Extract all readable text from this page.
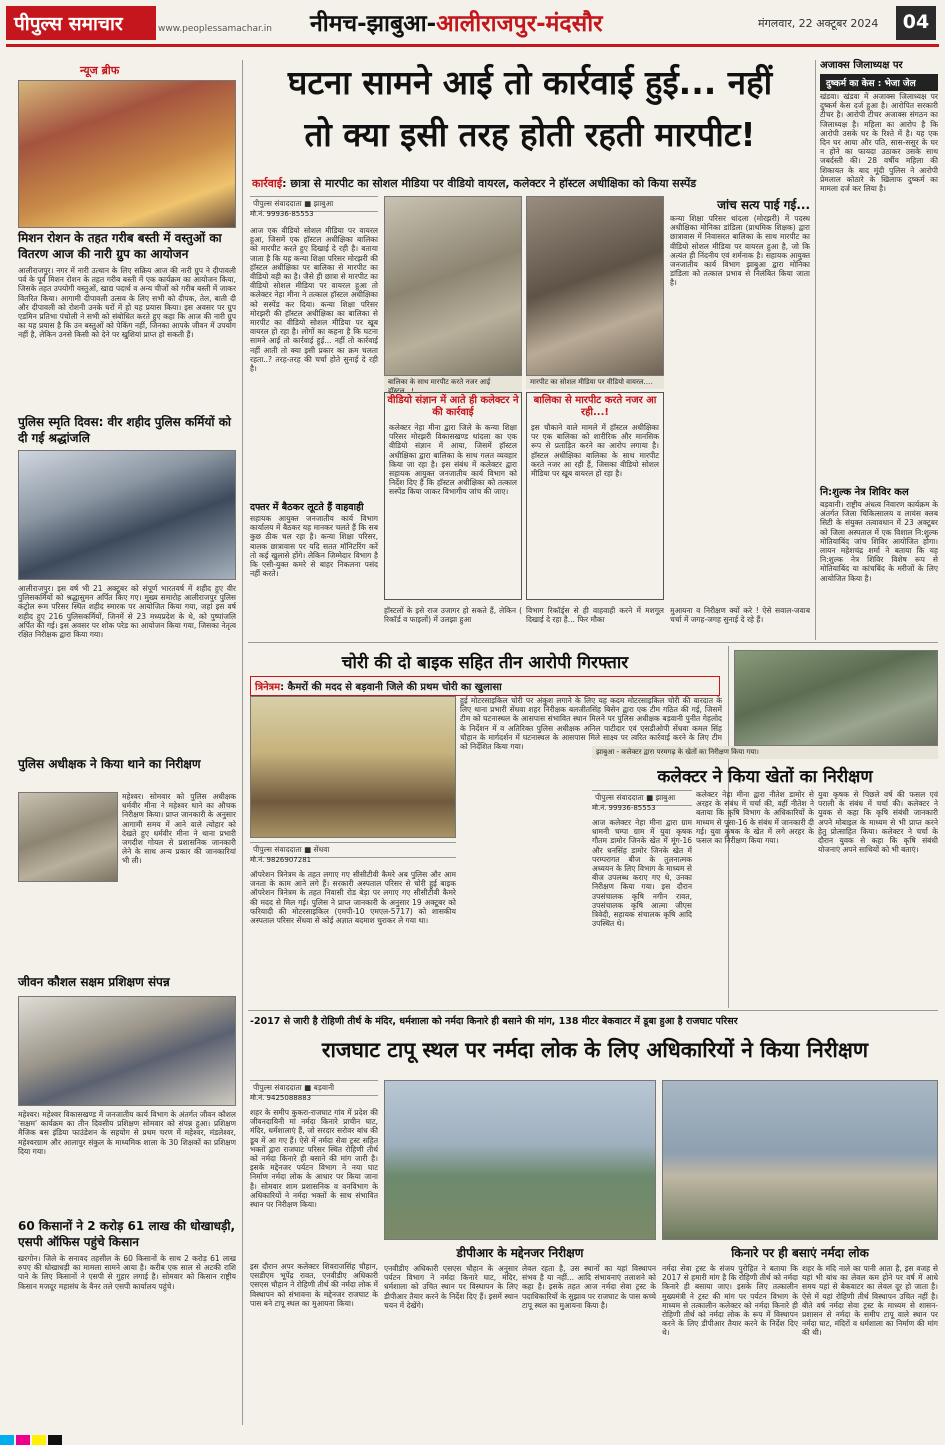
पीपुल्स समाचार	www.peoplessamachar.in नीमच-झाबुआ-आलीराजपुर-मंदसौर	मंगलवार, 22 अक्टूबर 2024	04
न्यूज ब्रीफ
मिशन रोशन के तहत गरीब बस्ती में वस्तुओं का वितरण आज की नारी ग्रुप का आयोजन
आलीराजपुर। नगर में नारी उत्थान के लिए सक्रिय आज की नारी ग्रुप ने दीपावली पर्व के पूर्व मिशन रोशन के तहत गरीब बस्ती में एक कार्यक्रम का आयोजन किया, जिसके तहत उपयोगी वस्तुओं, खाद्य पदार्थ व अन्य चीजों को गरीब बस्ती में जाकर वितरित किया। आगामी दीपावली उत्सव के लिए सभी को दीपक, तेल, बाती दी और दीपावली को रोशनी उनके घरों में हो यह प्रयास किया। इस अवसर पर ग्रुप एडमिन प्रतिभा पंचोली ने सभी को संबोधित करते हुए कहा कि आज की नारी ग्रुप का यह प्रयास है कि उन बस्तुओं को पेकिंग नहीं, जिनका आपके जीवन में उपयोग नहीं है, लेकिन उनसे किसी को देने पर खुशियां प्राप्त हो सकती हैं।
पुलिस स्मृति दिवस: वीर शहीद पुलिस कर्मियों को दी गई श्रद्धांजलि
आलीराजपुर। इस वर्ष भी 21 अक्टूबर को संपूर्ण भारतवर्ष में शहीद हुए वीर पुलिसकर्मियों को श्रद्धासुमन अर्पित किए गए। मुख्य समारोह आलीराजपुर पुलिस कंट्रोल रूम परिसर स्थित शहीद स्मारक पर आयोजित किया गया, जहां इस वर्ष शहीद हुए 216 पुलिसकर्मियों, जिनमें से 23 मध्यप्रदेश के थे, को पुष्पांजलि अर्पित की गई। इस अवसर पर शोक परेड का आयोजन किया गया, जिसका नेतृत्व रक्षित निरीक्षक द्वारा किया गया।
पुलिस अधीक्षक ने किया थाने का निरीक्षण
महेश्वर। सोमवार को पुलिस अधीक्षक धर्मवीर मीना ने महेश्वर थाने का औचक निरीक्षण किया। प्राप्त जानकारी के अनुसार आगामी समय में आने वाले त्योहार को देखते हुए धर्मवीर मीना ने थाना प्रभारी जगदीश गोयल से प्रशासनिक जानकारी लेने के साथ अन्य प्रकार की जानकारियां भी ली।
जीवन कौशल सक्षम प्रशिक्षण संपन्न
महेश्वर। महेश्वर विकासखण्ड में जनजातीय कार्य विभाग के अंतर्गत जीवन कौशल 'सक्षम' कार्यक्रम का तीन दिवसीय प्रशिक्षण सोमवार को संपन्न हुआ। प्रशिक्षण मैजिक बस इंडिया फाउंडेशन के सहयोग से प्रथम चरण में महेश्वर, मंडलेश्वर, महेश्वरग्राम और आलापुर संकुल के माध्यमिक शाला के 30 शिक्षकों का प्रशिक्षण दिया गया।
60 किसानों ने 2 करोड़ 61 लाख की धोखाधड़ी, एसपी ऑफिस पहुंचे किसान
खरगोन। जिले के सनावद तहसील के 60 किसानों के साथ 2 करोड़ 61 लाख रुपए की धोखाधड़ी का मामला सामने आया है। करीब एक साल से अटकी राशि पाने के लिए किसानों ने एसपी से गुहार लगाई है। सोमवार को किसान राष्ट्रीय किसान मजदूर महासंघ के बैनर तले एसपी कार्यालय पहुंचे।
घटना सामने आई तो कार्रवाई हुई... नहीं
तो क्या इसी तरह होती रहती मारपीट!
कार्रवाई: छात्रा से मारपीट का सोशल मीडिया पर वीडियो वायरल, कलेक्टर ने हॉस्टल अधीक्षिका को किया सस्पेंड
पीपुल्स संवाददाता ■ झाबुआ
मो.नं. 99936-85553
आज एक वीडियो सोशल मीडिया पर वायरल हुआ, जिसमें एक हॉस्टल अधीक्षिका बालिका को मारपीट करते हुए दिखाई दे रही है। बताया जाता है कि यह कन्या शिक्षा परिसर मोरझरी की हॉस्टल अधीक्षिका पर बालिका से मारपीट का वीडियो वही का है। जैसे ही छात्रा से मारपीट का वीडियो सोशल मीडिया पर वायरल हुआ तो कलेक्टर नेहा मीना ने तत्काल हॉस्टल अधीक्षिका को सस्पेंड कर दिया। कन्या शिक्षा परिसर मोरझरी की हॉस्टल अधीक्षिका का बालिका से मारपीट का वीडियो सोशल मीडिया पर खूब वायरल हो रहा है। लोगों का कहना है कि घटना सामने आई तो कार्रवाई हुई... नहीं तो कार्रवाई नहीं आती तो क्या इसी प्रकार का क्रम चलता रहता..? तरह-तरह की चर्चा होते सुनाई दे रही है।
दफ्तर में बैठकर लूटते हैं वाहवाही
सहायक आयुक्त जनजातीय कार्य विभाग कार्यालय में बैठकर यह मानकर चलते हैं कि सब कुछ ठीक चल रहा है। कन्या शिक्षा परिसर, बालक छात्रावास पर यदि सतत मॉनिटरिंग करें तो कई खुलासे होंगे। लेकिन जिम्मेदार विभाग है कि एसी-युक्त कमरे से बाहर निकलना पसंद नहीं करते।
बालिका के साथ मारपीट करते नजर आई हॉस्टल...!
मारपीट का सोशल मीडिया पर वीडियो वायरल....
वीडियो संज्ञान में आते ही कलेक्टर ने की कार्रवाई
कलेक्टर नेहा मीना द्वारा जिले के कन्या शिक्षा परिसर मोरझरी विकासखण्ड थांदला का एक वीडियो संज्ञान में आया, जिसमें हॉस्टल अधीक्षिका द्वारा बालिका के साथ गलत व्यवहार किया जा रहा है। इस संबंध में कलेक्टर द्वारा सहायक आयुक्त जनजातीय कार्य विभाग को निर्देश दिए हैं कि हॉस्टल अधीक्षिका को तत्काल सस्पेंड किया जाकर विभागीय जांच की जाए।
बालिका से मारपीट करते नजर आ रही...!
इस चौकाने वाले मामले में हॉस्टल अधीक्षिका पर एक बालिका को शारीरिक और मानसिक रूप से प्रताड़ित करने का आरोप लगाया है। हॉस्टल अधीक्षिका बालिका के साथ मारपीट करते नजर आ रही हैं, जिसका वीडियो सोशल मीडिया पर खूब वायरल हो रहा है।
जांच सत्य पाई गई...
कन्या शिक्षा परिसर थांदला (मोरझरी) में पदस्थ अधीक्षिका मोनिका डांडिला (प्राथमिक शिक्षक) द्वारा छात्रावास में निवासरत बालिका के साथ मारपीट का वीडियो सोशल मीडिया पर वायरल हुआ है, जो कि अत्यंत ही निंदनीय एवं शर्मनाक है। सहायक आयुक्त जनजातीय कार्य विभाग झाबुआ द्वारा मोनिका डांडिला को तत्काल प्रभाव से निलंबित किया जाता है।
हॉस्टलों के इसे राज उजागर हो सकते हैं, लेकिन ( रिकॉर्ड व फाइलों) में उलझा हुआ
विभाग रिकॉर्ड्स से ही वाहवाही करने में मशगूल दिखाई दे रहा है... फिर मौका
मुआयना व निरीक्षण क्यों करे ! ऐसे सवाल-जवाब चर्चा में जगह-जगह सुनाई दे रहे हैं।
अजाक्स जिलाध्यक्ष पर
दुष्कर्म का केस : भेजा जेल
खंडवा। खंडवा में अजाक्स जिलाध्यक्ष पर दुष्कर्म केस दर्ज हुआ है। आरोपित सरकारी टीचर है। आरोपी टीचर अजाक्स संगठन का जिलाध्यक्ष है। महिला का आरोप है कि आरोपी उसके घर के रिश्ते में है। यह एक दिन घर आया और पति, सास-ससुर के घर न होने का फायदा उठाकर उसके साथ जबर्दस्ती की। 28 वर्षीय महिला की शिकायत के बाद मूंदी पुलिस ने आरोपी प्रेमलाल कोठारे के खिलाफ दुष्कर्म का मामला दर्ज कर लिया है।
नि:शुल्क नेत्र शिविर कल
बड़वानी। राष्ट्रीय अंधत्व निवारण कार्यक्रम के अंतर्गत जिला चिकित्सालय व लायंस क्लब सिटी के संयुक्त तत्वावधान में 23 अक्टूबर को जिला अस्पताल में एक विशाल नि:शुल्क मोतियाबिंद जांच शिविर आयोजित होगा। लायन महेशचंद्र शर्मा ने बताया कि यह नि:शुल्क नेत्र शिविर विशेष रूप से मोतियाबिंद या कांचबिंद के मरीजों के लिए आयोजित किया है।
चोरी की दो बाइक सहित तीन आरोपी गिरफ्तार
त्रिनेत्रम: कैमरों की मदद से बड़वानी जिले की प्रथम चोरी का खुलासा
पीपुल्स संवाददाता ■ सेंधवा
मो.नं. 9826907281
ऑपरेशन त्रिनेत्रम के तहत लगाए गए सीसीटीवी कैमरे अब पुलिस और आम जनता के काम आने लगे हैं। सरकारी अस्पताल परिसर से चोरी हुई बाइक ऑपरेशन त्रिनेत्रम के तहत निवासी रोड बेड़ा पर लगाए गए सीसीटीवी कैमरे की मदद से मिल गई। पुलिस ने प्राप्त जानकारी के अनुसार 19 अक्टूबर को फरियादी की मोटरसाइकिल (एमपी-10 एमएल-5717) को शासकीय अस्पताल परिसर सेंधवा से कोई अज्ञात बदमाश चुराकर ले गया था।
हुई मोटरसाइकिल चोरी पर अंकुश लगाने के लिए यह कदम मोटरसाइकिल चोरी की वारदात के लिए थाना प्रभारी सेंधवा शहर निरीक्षक बलजीतसिंह बिसेन द्वारा एक टीम गठित की गई, जिसमें टीम को घटनास्थल के आसपास संभावित स्थान मिलने पर पुलिस अधीक्षक बड़वानी पुनीत गेहलोद के निर्देशन में व अतिरिक्त पुलिस अधीक्षक अनिल पाटीदार एवं एसडीओपी सेंधवा कमल सिंह चौहान के मार्गदर्शन में घटनास्थल के आसपास मिले साक्ष्य पर त्वरित कार्रवाई करने के लिए टीम को निर्देशित किया गया।
झाबुआ - कलेक्टर द्वारा परमगढ़ के खेतों का निरीक्षण किया गया।
कलेक्टर ने किया खेतों का निरीक्षण
पीपुल्स संवाददाता ■ झाबुआ
मो.नं. 99936-85553
आज कलेक्टर नेहा मीना द्वारा ग्राम धामनी चम्पा ग्राम में युवा कृषक गौतम डामोर जिनके खेत में मूंग-16 और धनसिंह डामोर जिनके खेत में परम्परागत बीज के तुलनात्मक अध्ययन के लिए विभाग के माध्यम से बीज उपलब्ध कराए गए थे, उनका निरीक्षण किया गया। इस दौरान उपसंचालक कृषि नगीन रावत, उपसंचालक कृषि आत्मा जीएस त्रिवेदी, सहायक संचालक कृषि आदि उपस्थित थे।
कलेक्टर नेहा मीना द्वारा नीतेश डामोर से अरहर के संबंध में चर्चा की, वहीं नीतेश ने बताया कि कृषि विभाग के अधिकारियों के माध्यम से पूसा-16 के संबंध में जानकारी दी गई। युवा कृषक के खेत में लगे अरहर के फसल का निरीक्षण किया गया।
युवा कृषक से पिछले वर्ष की फसल एवं पराली के संबंध में चर्चा की। कलेक्टर ने युवक से कहा कि कृषि संबंधी जानकारी अपने मोबाइल के माध्यम से भी प्राप्त करने हेतु प्रोत्साहित किया। कलेक्टर ने चर्चा के दौरान युवक से कहा कि कृषि संबंधी योजनाएं अपने साथियों को भी बताएं।
-2017 से जारी है रोहिणी तीर्थ के मंदिर, धर्मशाला को नर्मदा किनारे ही बसाने की मांग, 138 मीटर बेकवाटर में डूबा हुआ है राजघाट परिसर
राजघाट टापू स्थल पर नर्मदा लोक के लिए अधिकारियों ने किया निरीक्षण
पीपुल्स संवाददाता ■ बड़वानी
मो.नं. 9425088883
शहर के समीप कुकरा-राजघाट गांव में प्रदेश की जीवनदायिनी मां नर्मदा किनारे प्राचीन घाट, मंदिर, धर्मशालाएं हैं, जो सरदार सरोवर बांध की डूब में आ गए हैं। ऐसे में नर्मदा सेवा ट्रस्ट सहित भक्तों द्वारा राजघाट परिसर स्थित रोहिणी तीर्थ को नर्मदा किनारे ही बसाने की मांग जारी है। इसके मद्देनजर पर्यटन विभाग ने नया घाट निर्माण नर्मदा लोक के आधार पर किया जाना है। सोमवार शाम प्रशासनिक व वनविभाग के अधिकारियों ने नर्मदा भक्तों के साथ संभावित स्थान पर निरीक्षण किया।
इस दौरान अपर कलेक्टर शिवराजसिंह चौहान, एसडीएम भूपेंद्र रावत, एनवीडीए अधिकारी एसएस चौहान ने रोहिणी तीर्थ की नर्मदा लोक में विस्थापन को संभावना के मद्देनजर राजघाट के पास बने टापू स्थल का मुआयना किया।
डीपीआर के मद्देनजर निरीक्षण	किनारे पर ही बसाएं नर्मदा लोक
एनवीडीए अधिकारी एसएस चौहान के अनुसार पर्यटन विभाग ने नर्मदा किनारे घाट, मंदिर, धर्मशाला को उचित स्थान पर विस्थापन के लिए डीपीआर तैयार करने के निर्देश दिए हैं। इसमें स्थान चयन में देखेंगे।
लेवल रहता है, उस स्थानों का यहां विस्थापन संभव है या नहीं... आदि संभावनाएं तलाशने को कहा है। इसके तहत आज नर्मदा सेवा ट्रस्ट के पदाधिकारियों के सुझाव पर राजघाट के पास कच्चे टापू स्थल का मुआयना किया है।
नर्मदा सेवा ट्रस्ट के संजय पुरोहित ने बताया कि 2017 से हमारी मांग है कि रोहिणी तीर्थ को नर्मदा किनारे ही बसाया जाए। इसके लिए तत्कालीन मुख्यमंत्री ने ट्रस्ट की मांग पर पर्यटन विभाग के माध्यम से तत्कालीन कलेक्टर को नर्मदा किनारे ही रोहिणी तीर्थ को नर्मदा लोक के रूप में विस्थापन करने के लिए डीपीआर तैयार करने के निर्देश दिए थे।
शहर के मंदि नाले का पानी आता है, इस वजह से यहां भी बांध का लेवल कम होने पर वर्ष में आधे समय यहां से बेकवाटर का लेवल दूर हो जाता है। ऐसे में यहां रोहिणी तीर्थ विस्थापन उचित नहीं है। बीते वर्ष नर्मदा सेवा ट्रस्ट के माध्यम से शासन-प्रशासन से नर्मदा के समीप टापू वाले स्थान पर नर्मदा घाट, मंदिरों व धर्मशाला का निर्माण की मांग की थी।
